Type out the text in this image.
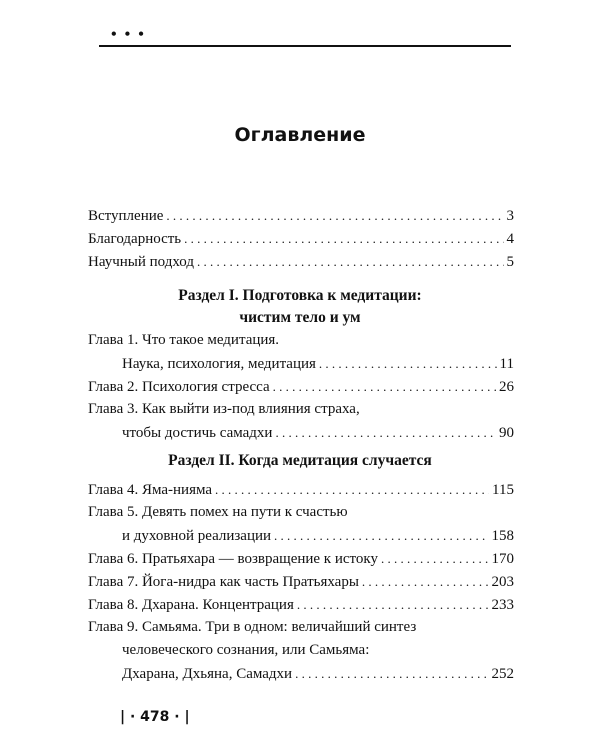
• • •
Оглавление
Вступление . . .	3
Благодарность . . .	4
Научный подход . . .	5
Раздел I. Подготовка к медитации:
чистим тело и ум
Глава 1. Что такое медитация.
Наука, психология, медитация . . .	11
Глава 2. Психология стресса . . .	26
Глава 3. Как выйти из-под влияния страха,
чтобы достичь самадхи . . .	90
Раздел II. Когда медитация случается
Глава 4. Яма-нияма . . .	115
Глава 5. Девять помех на пути к счастью
и духовной реализации . . .	158
Глава 6. Пратьяхара — возвращение к истоку . . .	170
Глава 7. Йога-нидра как часть Пратьяхары . . .	203
Глава 8. Дхарана. Концентрация . . .	233
Глава 9. Самьяма. Три в одном: величайший синтез
человеческого сознания, или Самьяма:
Дхарана, Дхьяна, Самадхи . . .	252
| · 478 · |
